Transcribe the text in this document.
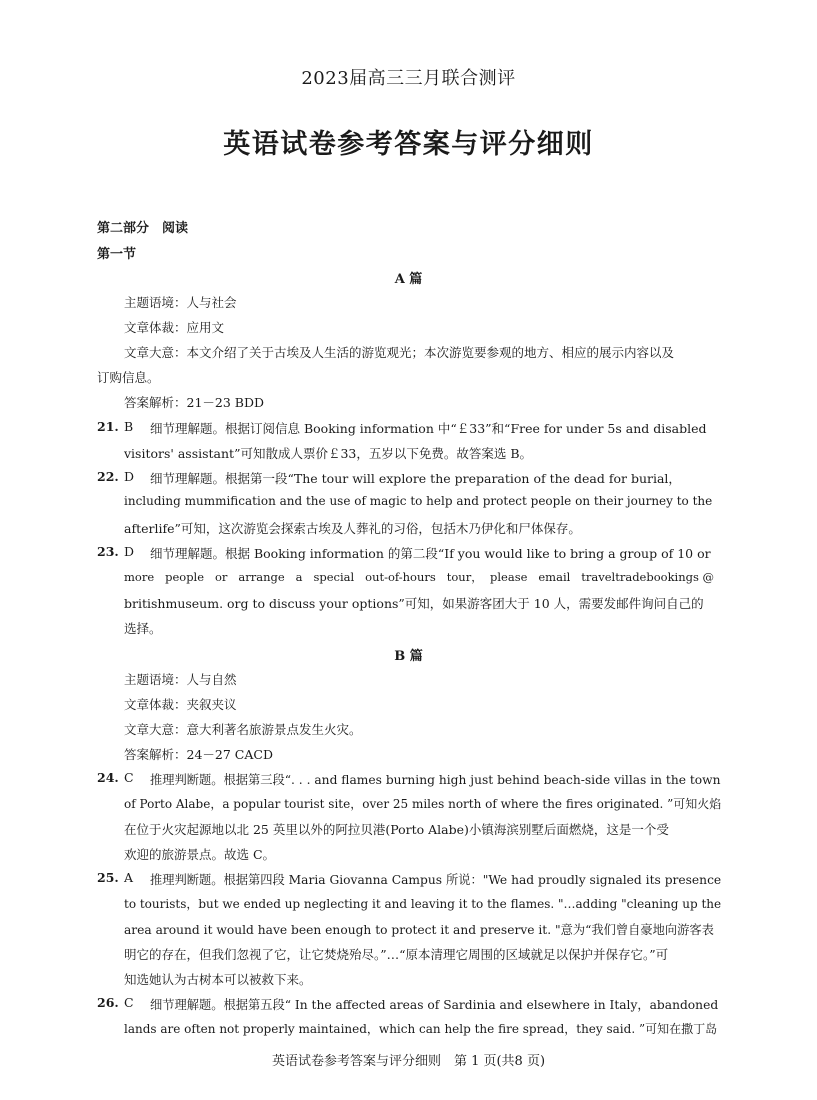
2023届高三三月联合测评
英语试卷参考答案与评分细则
第二部分　阅读
第一节
A 篇
主题语境：人与社会
文章体裁：应用文
文章大意：本文介绍了关于古埃及人生活的游览观光；本次游览要参观的地方、相应的展示内容以及
订购信息。
答案解析：21－23 BDD
21. B 细节理解题。根据订阅信息 Booking information 中“￡33”和“Free for under 5s and disabled
visitors' assistant”可知散成人票价￡33，五岁以下免费。故答案选 B。
22. D 细节理解题。根据第一段“The tour will explore the preparation of the dead for burial，
including mummification and the use of magic to help and protect people on their journey to the
afterlife”可知，这次游览会探索古埃及人葬礼的习俗，包括木乃伊化和尸体保存。
23. D 细节理解题。根据 Booking information 的第二段“If you would like to bring a group of 10 or
more   people   or   arrange   a   special   out-of-hours   tour，  please   email   traveltradebookings @
britishmuseum. org to discuss your options”可知，如果游客团大于 10 人，需要发邮件询问自己的
选择。
B 篇
主题语境：人与自然
文章体裁：夹叙夹议
文章大意：意大利著名旅游景点发生火灾。
答案解析：24－27 CACD
24. C 推理判断题。根据第三段“. . . and flames burning high just behind beach-side villas in the town
of Porto Alabe，a popular tourist site，over 25 miles north of where the fires originated. ”可知火焰
在位于火灾起源地以北 25 英里以外的阿拉贝港(Porto Alabe)小镇海滨别墅后面燃烧，这是一个受
欢迎的旅游景点。故选 C。
25. A 推理判断题。根据第四段 Maria Giovanna Campus 所说："We had proudly signaled its presence
to tourists，but we ended up neglecting it and leaving it to the flames. "…adding "cleaning up the
area around it would have been enough to protect it and preserve it. "意为“我们曾自豪地向游客表
明它的存在，但我们忽视了它，让它焚烧殆尽。”…“原本清理它周围的区域就足以保护并保存它。”可
知选她认为古树本可以被救下来。
26. C 细节理解题。根据第五段“ In the affected areas of Sardinia and elsewhere in Italy，abandoned
lands are often not properly maintained，which can help the fire spread，they said. ”可知在撒丁岛
英语试卷参考答案与评分细则　第 1 页(共8 页)
